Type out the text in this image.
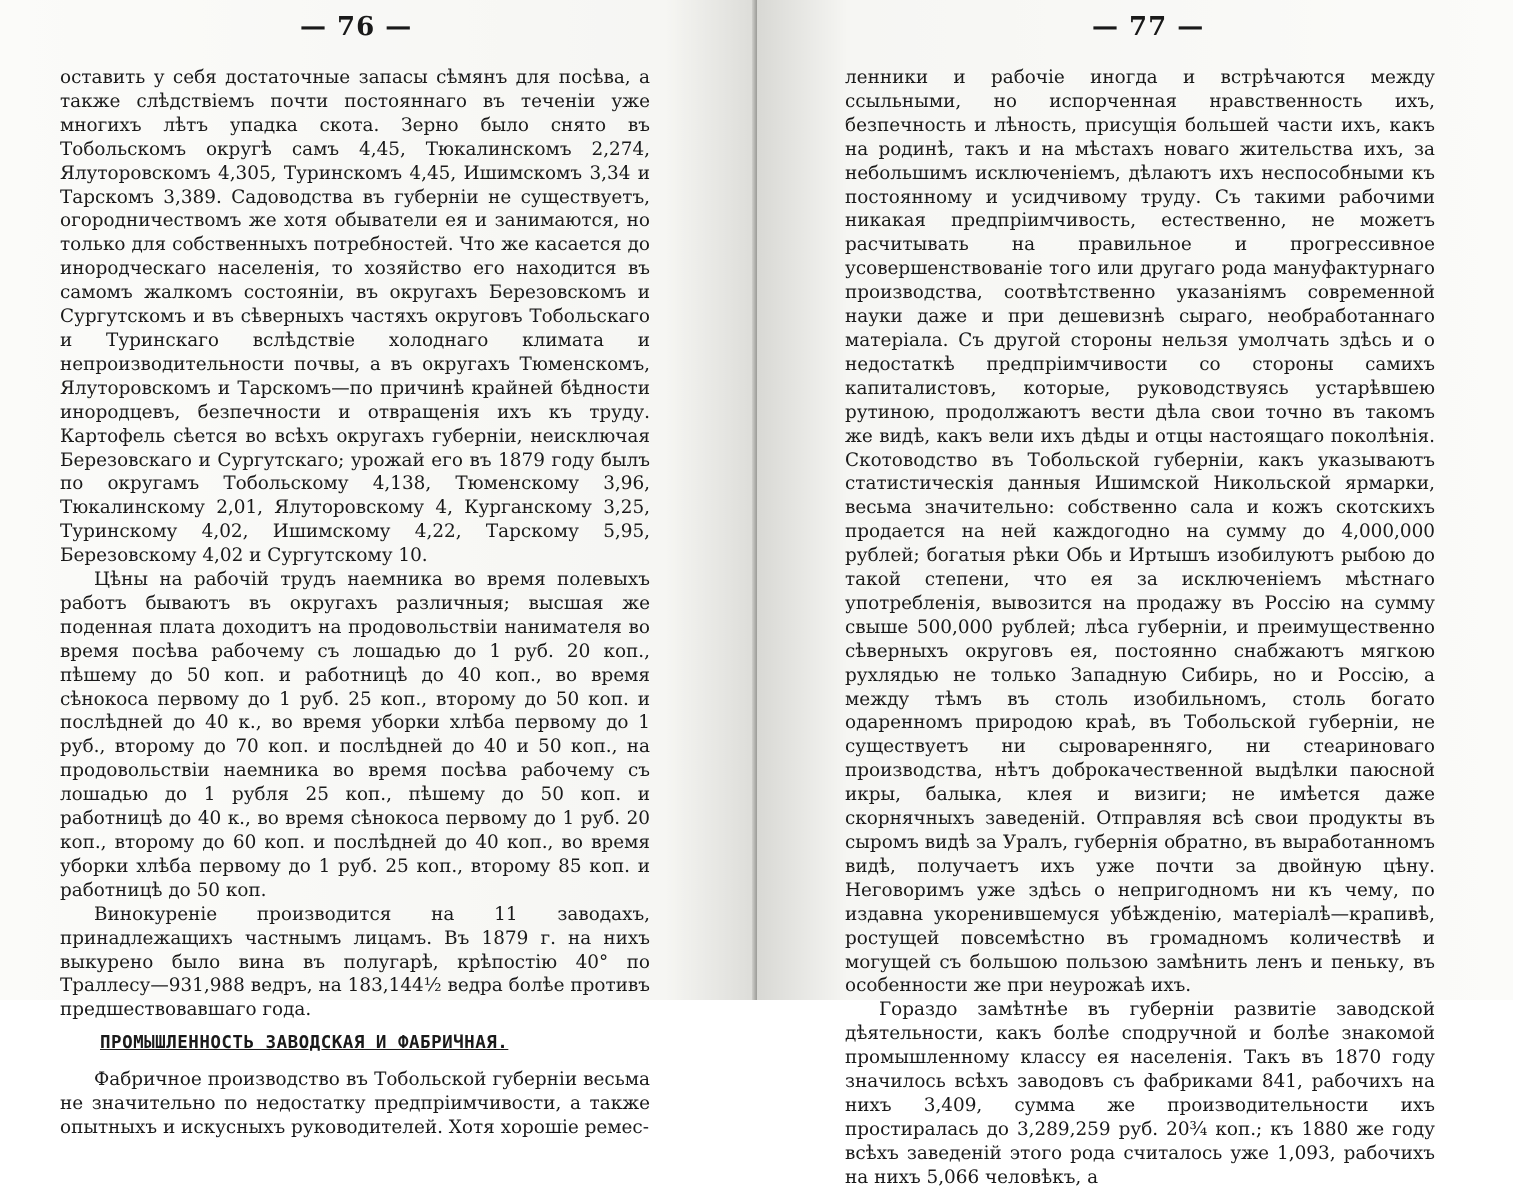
— 76 —

оставить у себя достаточные запасы сѣмянъ для посѣва, а также слѣдствіемъ почти постояннаго въ теченіи уже многихъ лѣтъ упадка скота. Зерно было снято въ Тобольскомъ округѣ самъ 4,45, Тюкалинскомъ 2,274, Ялуторовскомъ 4,305, Туринскомъ 4,45, Ишимскомъ 3,34 и Тарскомъ 3,389. Садоводства въ губерніи не существуетъ, огородничествомъ же хотя обыватели ея и занимаются, но только для собственныхъ потребностей. Что же касается до инородческаго населенія, то хозяйство его находится въ самомъ жалкомъ состояніи, въ округахъ Березовскомъ и Сургутскомъ и въ сѣверныхъ частяхъ округовъ Тобольскаго и Туринскаго вслѣдствіе холоднаго климата и непроизводительности почвы, а въ округахъ Тюменскомъ, Ялуторовскомъ и Тарскомъ—по причинѣ крайней бѣдности инородцевъ, безпечности и отвращенія ихъ къ труду. Картофель сѣется во всѣхъ округахъ губерніи, неисключая Березовскаго и Сургутскаго; урожай его въ 1879 году былъ по округамъ Тобольскому 4,138, Тюменскому 3,96, Тюкалинскому 2,01, Ялуторовскому 4, Курганскому 3,25, Туринскому 4,02, Ишимскому 4,22, Тарскому 5,95, Березовскому 4,02 и Сургутскому 10.

Цѣны на рабочій трудъ наемника во время полевыхъ работъ бываютъ въ округахъ различныя; высшая же поденная плата доходитъ на продовольствіи нанимателя во время посѣва рабочему съ лошадью до 1 руб. 20 коп., пѣшему до 50 коп. и работницѣ до 40 коп., во время сѣнокоса первому до 1 руб. 25 коп., второму до 50 коп. и послѣдней до 40 к., во время уборки хлѣба первому до 1 руб., второму до 70 коп. и послѣдней до 40 и 50 коп., на продовольствіи наемника во время посѣва рабочему съ лошадью до 1 рубля 25 коп., пѣшему до 50 коп. и работницѣ до 40 к., во время сѣнокоса первому до 1 руб. 20 коп., второму до 60 коп. и послѣдней до 40 коп., во время уборки хлѣба первому до 1 руб. 25 коп., второму 85 коп. и работницѣ до 50 коп.

Винокуреніе производится на 11 заводахъ, принадлежащихъ частнымъ лицамъ. Въ 1879 г. на нихъ выкурено было вина въ полугарѣ, крѣпостію 40° по Траллесу—931,988 ведръ, на 183,144½ ведра болѣе противъ предшествовавшаго года.

ПРОМЫШЛЕННОСТЬ ЗАВОДСКАЯ И ФАБРИЧНАЯ.

Фабричное производство въ Тобольской губерніи весьма не значительно по недостатку предпріимчивости, а также опытныхъ и искусныхъ руководителей. Хотя хорошіе ремес-

— 77 —

ленники и рабочіе иногда и встрѣчаются между ссыльными, но испорченная нравственность ихъ, безпечность и лѣность, присущія большей части ихъ, какъ на родинѣ, такъ и на мѣстахъ новаго жительства ихъ, за небольшимъ исключеніемъ, дѣлаютъ ихъ неспособными къ постоянному и усидчивому труду. Съ такими рабочими никакая предпріимчивость, естественно, не можетъ расчитывать на правильное и прогрессивное усовершенствованіе того или другаго рода мануфактурнаго производства, соотвѣтственно указаніямъ современной науки даже и при дешевизнѣ сыраго, необработаннаго матеріала. Съ другой стороны нельзя умолчать здѣсь и о недостаткѣ предпріимчивости со стороны самихъ капиталистовъ, которые, руководствуясь устарѣвшею рутиною, продолжаютъ вести дѣла свои точно въ такомъ же видѣ, какъ вели ихъ дѣды и отцы настоящаго поколѣнія. Скотоводство въ Тобольской губерніи, какъ указываютъ статистическія данныя Ишимской Никольской ярмарки, весьма значительно: собственно сала и кожъ скотскихъ продается на ней каждогодно на сумму до 4,000,000 рублей; богатыя рѣки Обь и Иртышъ изобилуютъ рыбою до такой степени, что ея за исключеніемъ мѣстнаго употребленія, вывозится на продажу въ Россію на сумму свыше 500,000 рублей; лѣса губерніи, и преимущественно сѣверныхъ округовъ ея, постоянно снабжаютъ мягкою рухлядью не только Западную Сибирь, но и Россію, а между тѣмъ въ столь изобильномъ, столь богато одаренномъ природою краѣ, въ Тобольской губерніи, не существуетъ ни сыроваренняго, ни стеариноваго производства, нѣтъ доброкачественной выдѣлки паюсной икры, балыка, клея и визиги; не имѣется даже скорнячныхъ заведеній. Отправляя всѣ свои продукты въ сыромъ видѣ за Уралъ, губернія обратно, въ выработанномъ видѣ, получаетъ ихъ уже почти за двойную цѣну. Неговоримъ уже здѣсь о непригодномъ ни къ чему, по издавна укоренившемуся убѣжденію, матеріалѣ—крапивѣ, ростущей повсемѣстно въ громадномъ количествѣ и могущей съ большою пользою замѣнить ленъ и пеньку, въ особенности же при неурожаѣ ихъ.

Гораздо замѣтнѣе въ губерніи развитіе заводской дѣятельности, какъ болѣе сподручной и болѣе знакомой промышленному классу ея населенія. Такъ въ 1870 году значилось всѣхъ заводовъ съ фабриками 841, рабочихъ на нихъ 3,409, сумма же производительности ихъ простиралась до 3,289,259 руб. 20¾ коп.; къ 1880 же году всѣхъ заведеній этого рода считалось уже 1,093, рабочихъ на нихъ 5,066 человѣкъ, а
